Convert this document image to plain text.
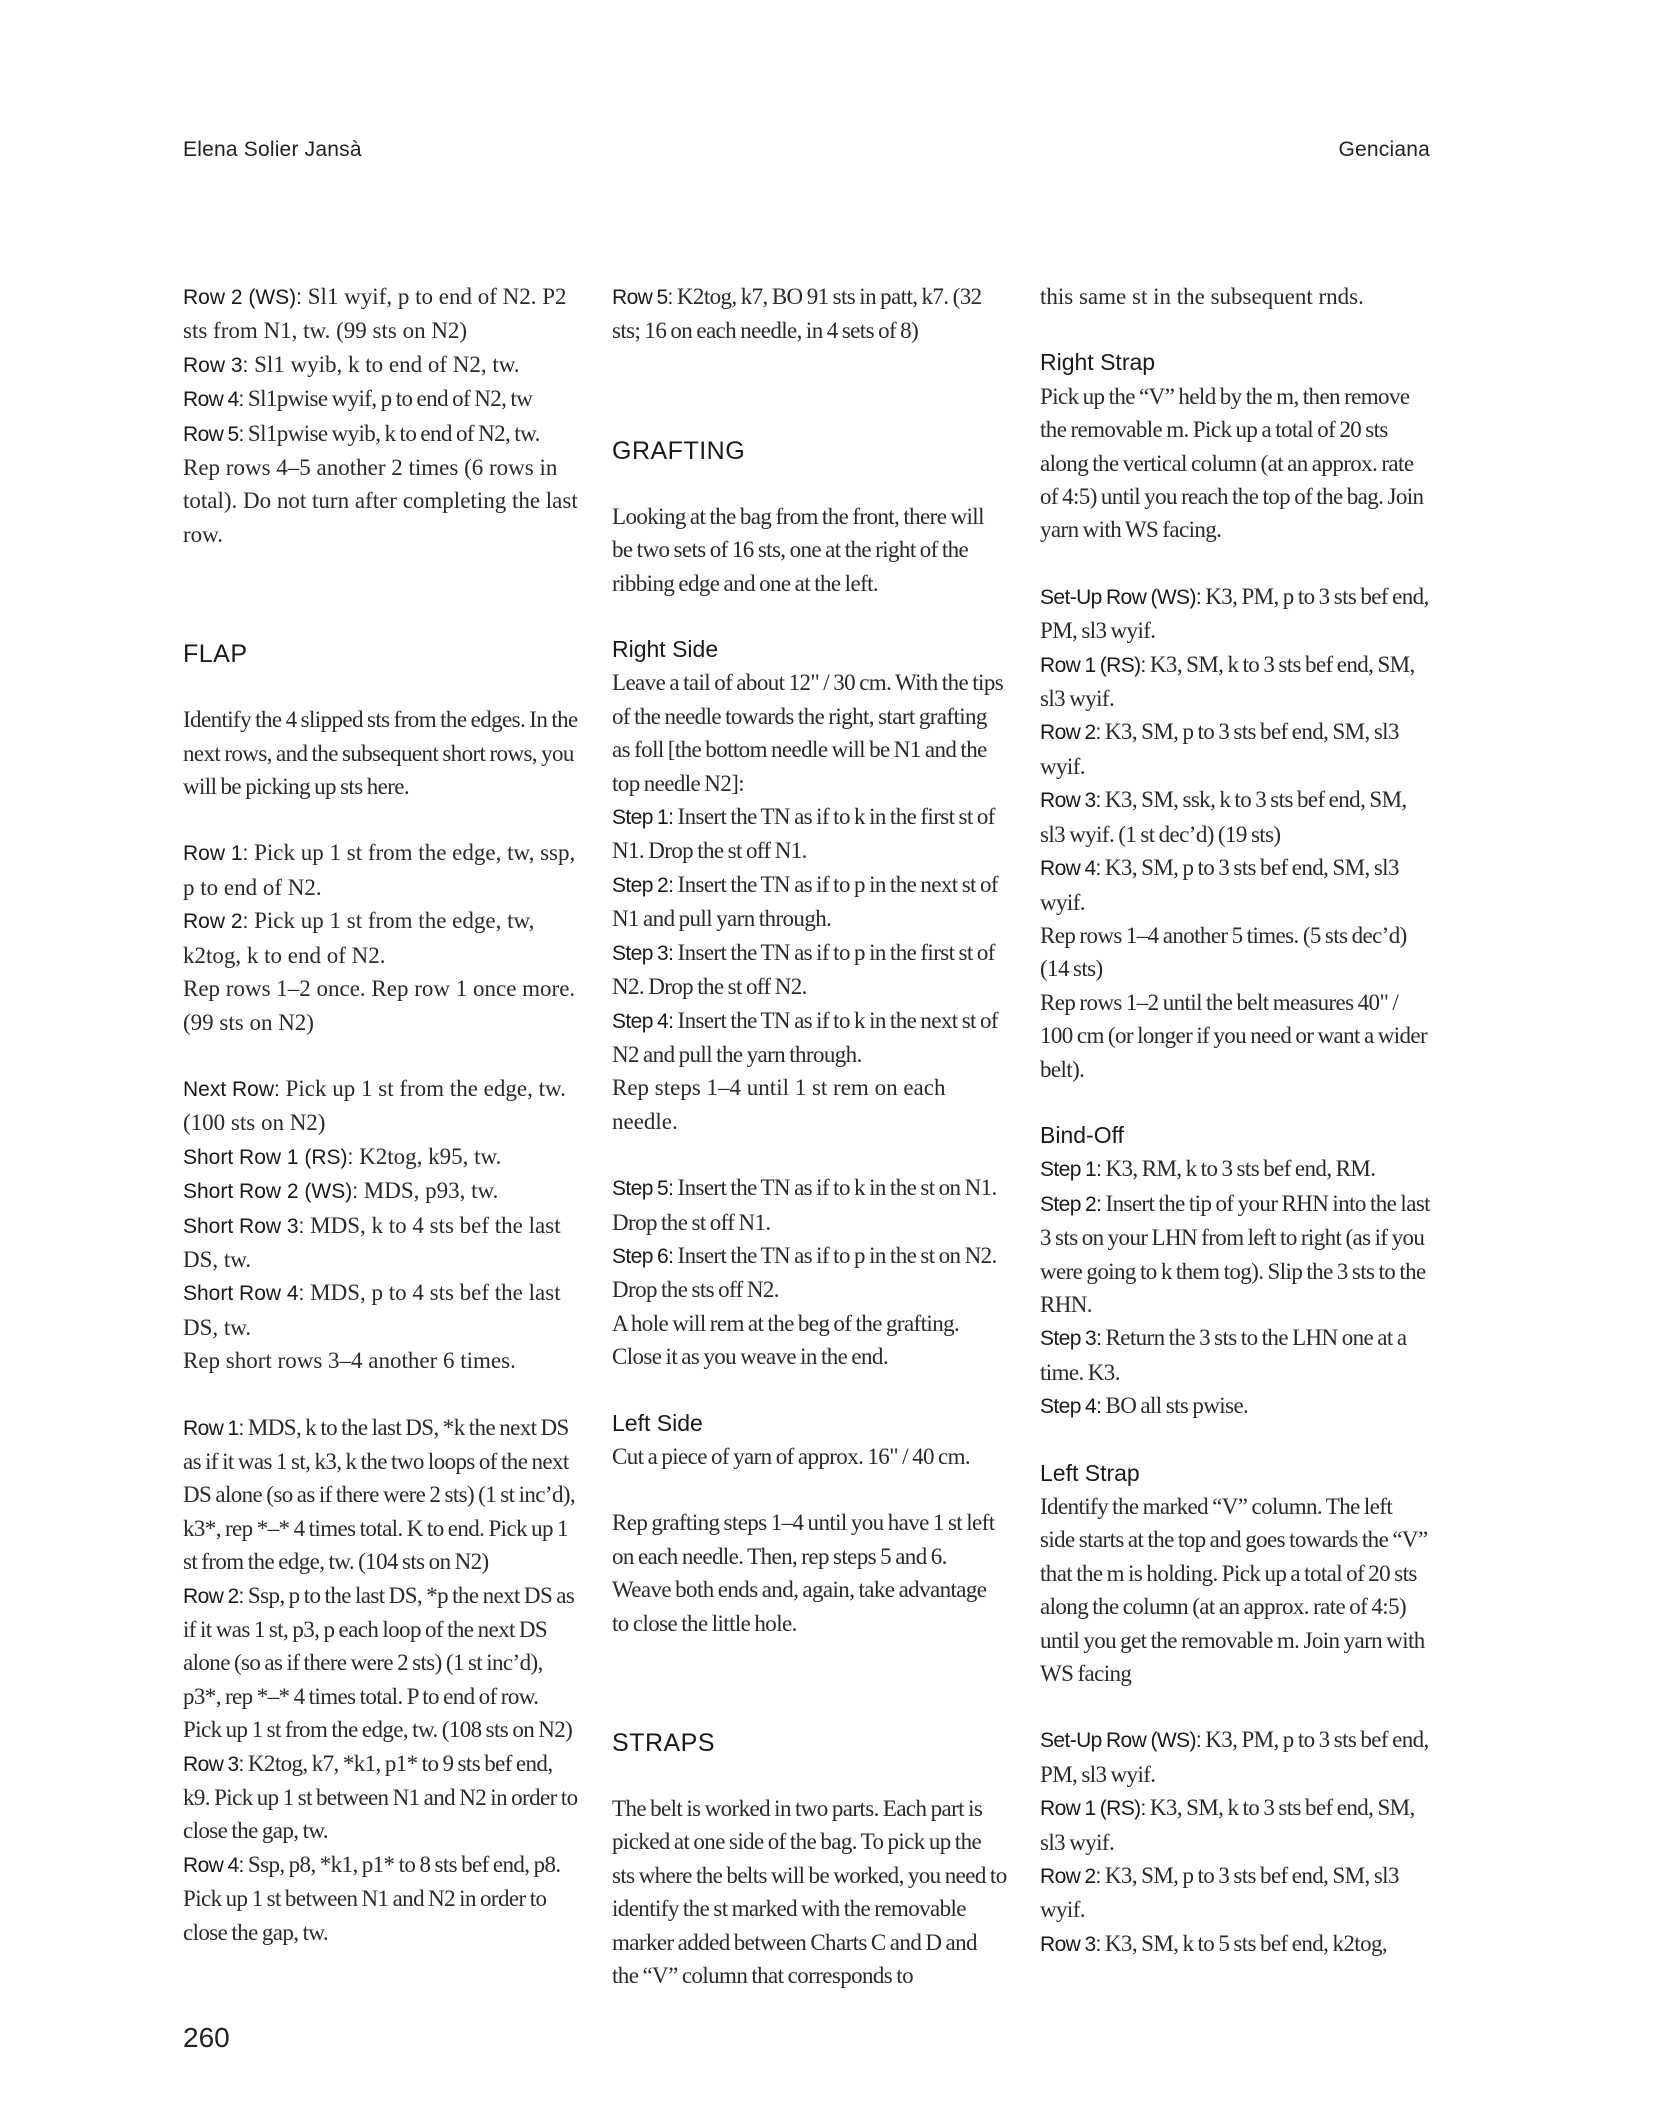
Elena Solier Jansà	Genciana

Row 2 (WS): Sl1 wyif, p to end of N2. P2 sts from N1, tw. (99 sts on N2)

Row 3: Sl1 wyib, k to end of N2, tw.

Row 4: Sl1pwise wyif, p to end of N2, tw

Row 5: Sl1pwise wyib, k to end of N2, tw.

Rep rows 4–5 another 2 times (6 rows in total). Do not turn after completing the last row.

FLAP

Identify the 4 slipped sts from the edges. In the next rows, and the subsequent short rows, you will be picking up sts here.

Row 1: Pick up 1 st from the edge, tw, ssp, p to end of N2.

Row 2: Pick up 1 st from the edge, tw, k2tog, k to end of N2.

Rep rows 1–2 once. Rep row 1 once more. (99 sts on N2)

Next Row: Pick up 1 st from the edge, tw. (100 sts on N2)

Short Row 1 (RS): K2tog, k95, tw.

Short Row 2 (WS): MDS, p93, tw.

Short Row 3: MDS, k to 4 sts bef the last DS, tw.

Short Row 4: MDS, p to 4 sts bef the last DS, tw.

Rep short rows 3–4 another 6 times.

Row 1: MDS, k to the last DS, *k the next DS as if it was 1 st, k3, k the two loops of the next DS alone (so as if there were 2 sts) (1 st inc’d), k3*, rep *–* 4 times total. K to end. Pick up 1 st from the edge, tw. (104 sts on N2)

Row 2: Ssp, p to the last DS, *p the next DS as if it was 1 st, p3, p each loop of the next DS alone (so as if there were 2 sts) (1 st inc’d), p3*, rep *–* 4 times total. P to end of row. Pick up 1 st from the edge, tw. (108 sts on N2)

Row 3: K2tog, k7, *k1, p1* to 9 sts bef end, k9. Pick up 1 st between N1 and N2 in order to close the gap, tw.

Row 4: Ssp, p8, *k1, p1* to 8 sts bef end, p8. Pick up 1 st between N1 and N2 in order to close the gap, tw.

Row 5: K2tog, k7, BO 91 sts in patt, k7. (32 sts; 16 on each needle, in 4 sets of 8)

GRAFTING

Looking at the bag from the front, there will be two sets of 16 sts, one at the right of the ribbing edge and one at the left.

Right Side

Leave a tail of about 12" / 30 cm. With the tips of the needle towards the right, start grafting as foll [the bottom needle will be N1 and the top needle N2]:

Step 1: Insert the TN as if to k in the first st of N1. Drop the st off N1.

Step 2: Insert the TN as if to p in the next st of N1 and pull yarn through.

Step 3: Insert the TN as if to p in the first st of N2. Drop the st off N2.

Step 4: Insert the TN as if to k in the next st of N2 and pull the yarn through.

Rep steps 1–4 until 1 st rem on each needle.

Step 5: Insert the TN as if to k in the st on N1. Drop the st off N1.

Step 6: Insert the TN as if to p in the st on N2. Drop the sts off N2.

A hole will rem at the beg of the grafting. Close it as you weave in the end.

Left Side

Cut a piece of yarn of approx. 16" / 40 cm.

Rep grafting steps 1–4 until you have 1 st left on each needle. Then, rep steps 5 and 6. Weave both ends and, again, take advantage to close the little hole.

STRAPS

The belt is worked in two parts. Each part is picked at one side of the bag. To pick up the sts where the belts will be worked, you need to identify the st marked with the removable marker added between Charts C and D and the “V” column that corresponds to

this same st in the subsequent rnds.

Right Strap

Pick up the “V” held by the m, then remove the removable m. Pick up a total of 20 sts along the vertical column (at an approx. rate of 4:5) until you reach the top of the bag. Join yarn with WS facing.

Set-Up Row (WS): K3, PM, p to 3 sts bef end, PM, sl3 wyif.

Row 1 (RS): K3, SM, k to 3 sts bef end, SM, sl3 wyif.

Row 2: K3, SM, p to 3 sts bef end, SM, sl3 wyif.

Row 3: K3, SM, ssk, k to 3 sts bef end, SM, sl3 wyif. (1 st dec’d) (19 sts)

Row 4: K3, SM, p to 3 sts bef end, SM, sl3 wyif.

Rep rows 1–4 another 5 times. (5 sts dec’d) (14 sts)

Rep rows 1–2 until the belt measures 40" / 100 cm (or longer if you need or want a wider belt).

Bind-Off

Step 1: K3, RM, k to 3 sts bef end, RM.

Step 2: Insert the tip of your RHN into the last 3 sts on your LHN from left to right (as if you were going to k them tog). Slip the 3 sts to the RHN.

Step 3: Return the 3 sts to the LHN one at a time. K3.

Step 4: BO all sts pwise.

Left Strap

Identify the marked “V” column. The left side starts at the top and goes towards the “V” that the m is holding. Pick up a total of 20 sts along the column (at an approx. rate of 4:5) until you get the removable m. Join yarn with WS facing

Set-Up Row (WS): K3, PM, p to 3 sts bef end, PM, sl3 wyif.

Row 1 (RS): K3, SM, k to 3 sts bef end, SM, sl3 wyif.

Row 2: K3, SM, p to 3 sts bef end, SM, sl3 wyif.

Row 3: K3, SM, k to 5 sts bef end, k2tog,

260
